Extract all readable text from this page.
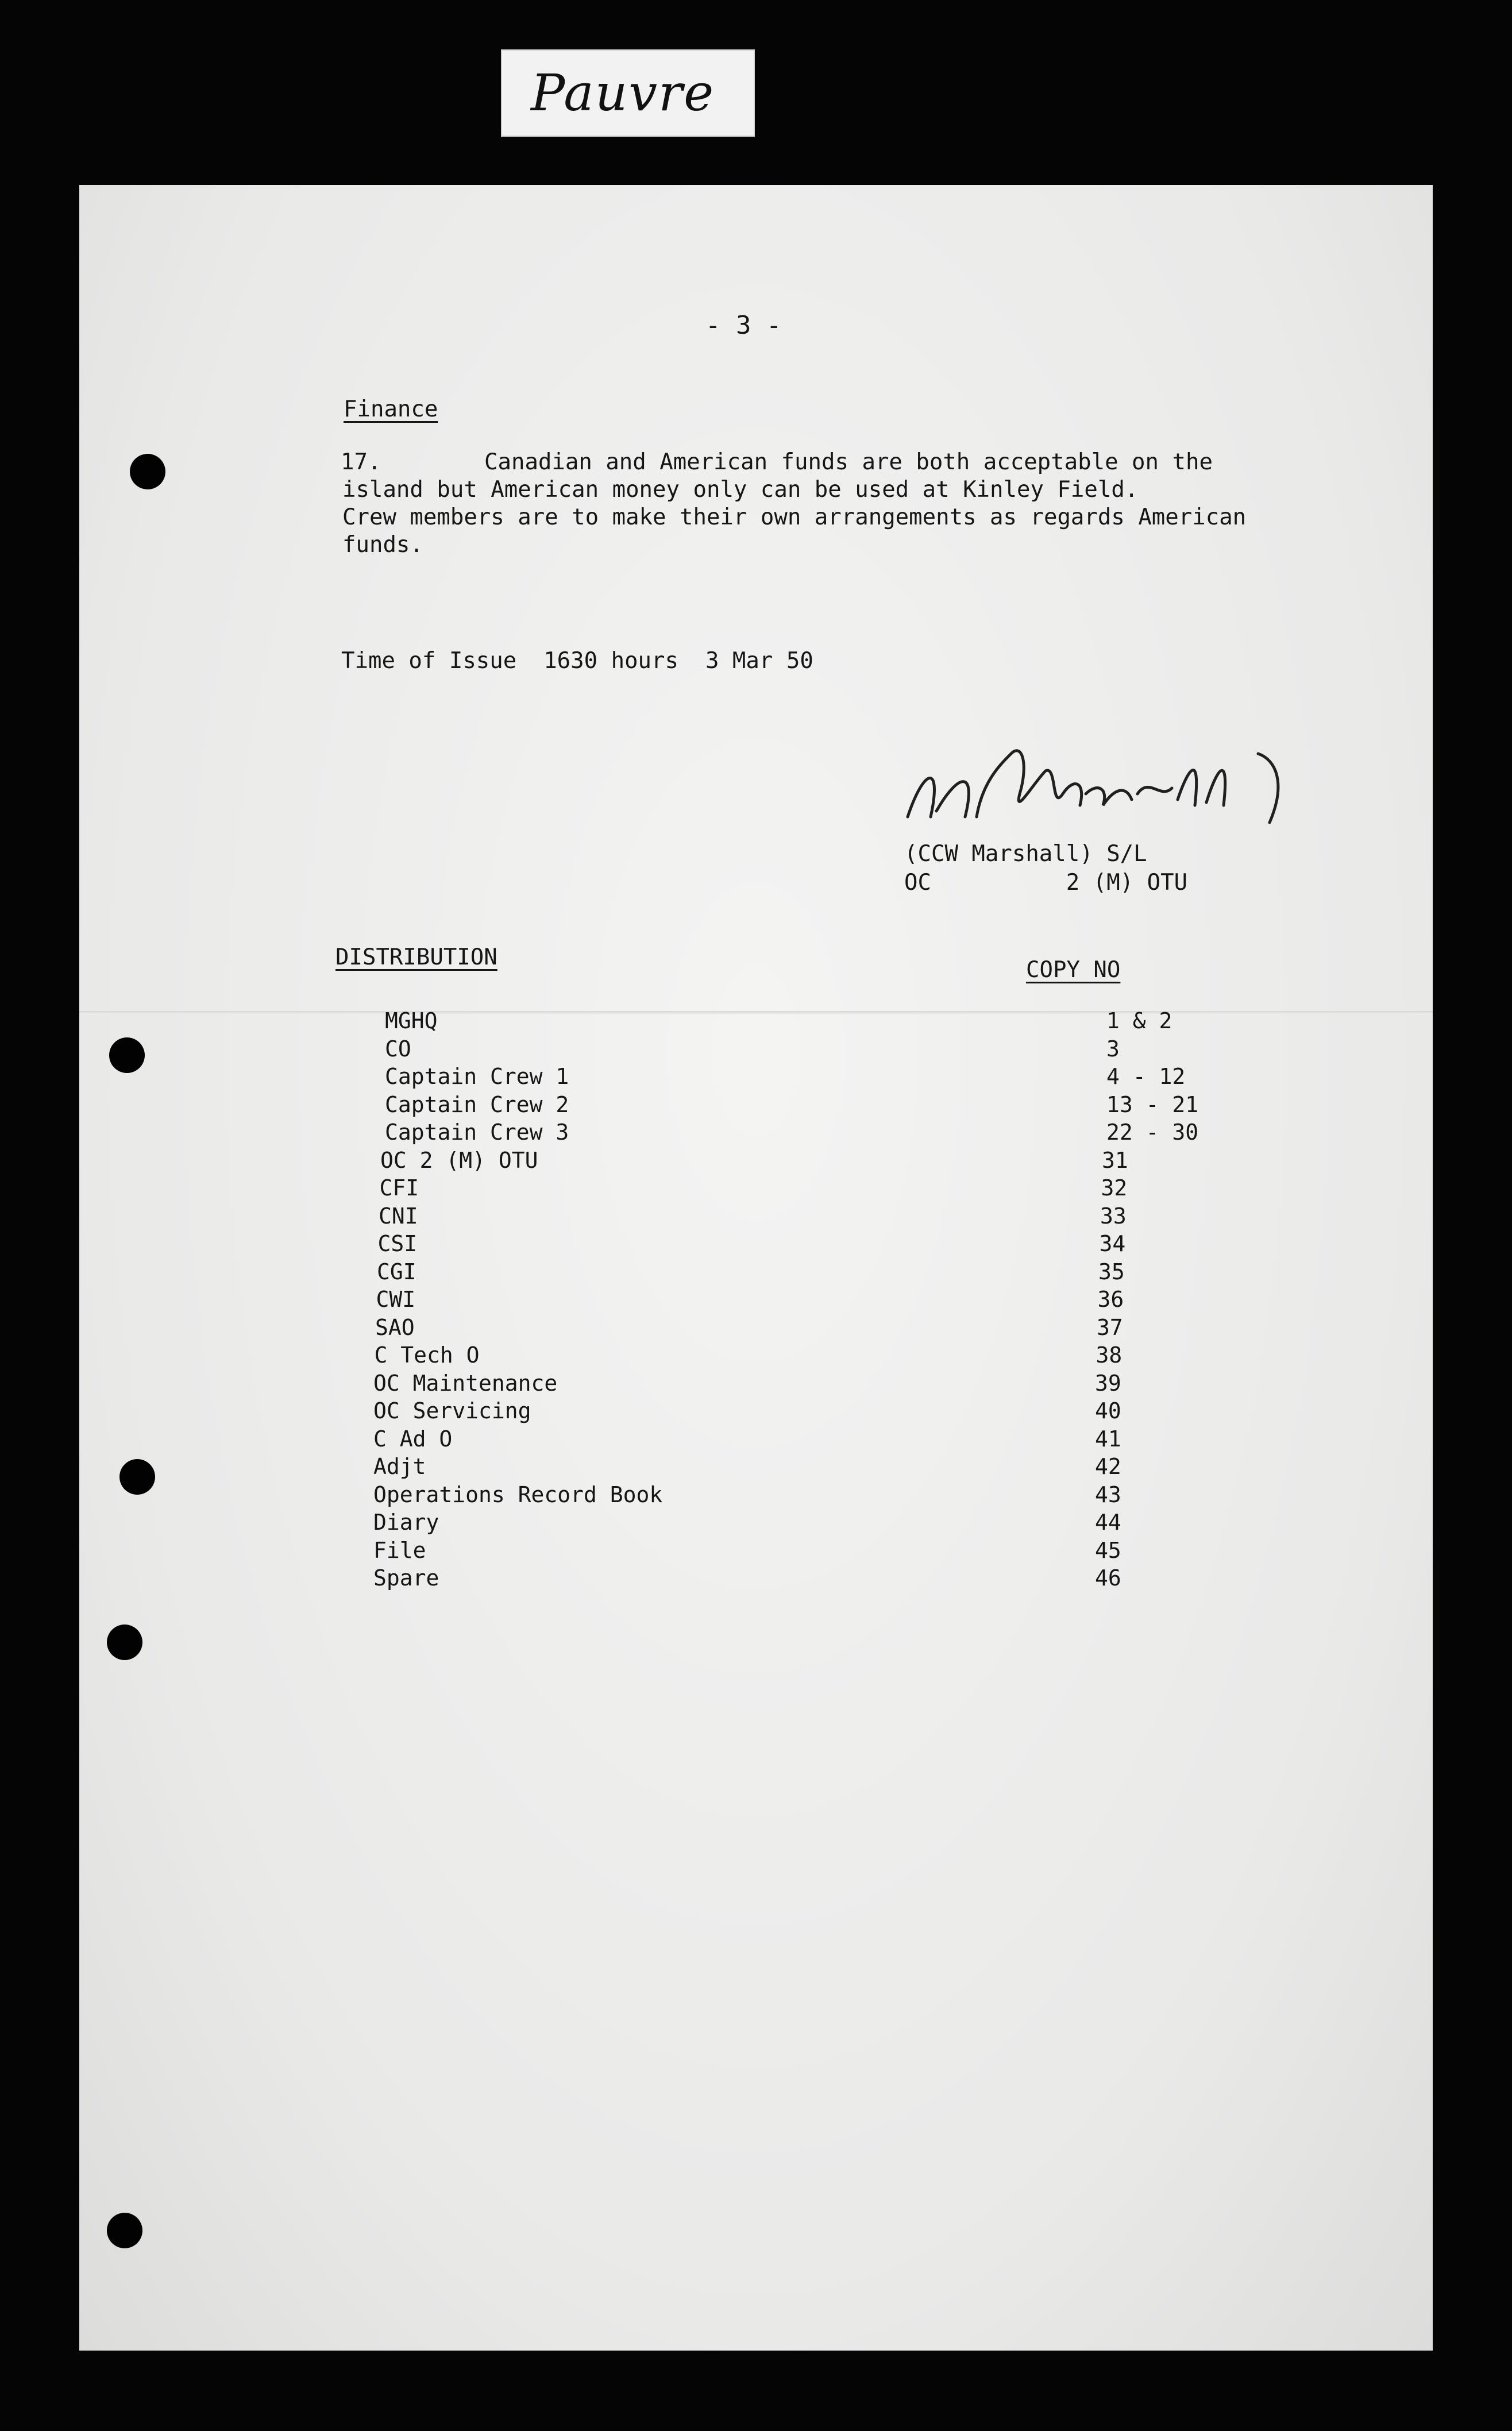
Pauvre
- 3 -
Finance
17.	Canadian and American funds are both acceptable on the
island but American money only can be used at Kinley Field.
Crew members are to make their own arrangements as regards American
funds.
Time of Issue  1630 hours  3 Mar 50
(CCW Marshall) S/L
OC          2 (M) OTU
DISTRIBUTION	COPY NO
MGHQ	1 & 2
CO	3
Captain Crew 1	4 - 12
Captain Crew 2	13 - 21
Captain Crew 3	22 - 30
OC 2 (M) OTU	31
CFI	32
CNI	33
CSI	34
CGI	35
CWI	36
SAO	37
C Tech O	38
OC Maintenance	39
OC Servicing	40
C Ad O	41
Adjt	42
Operations Record Book	43
Diary	44
File	45
Spare	46
